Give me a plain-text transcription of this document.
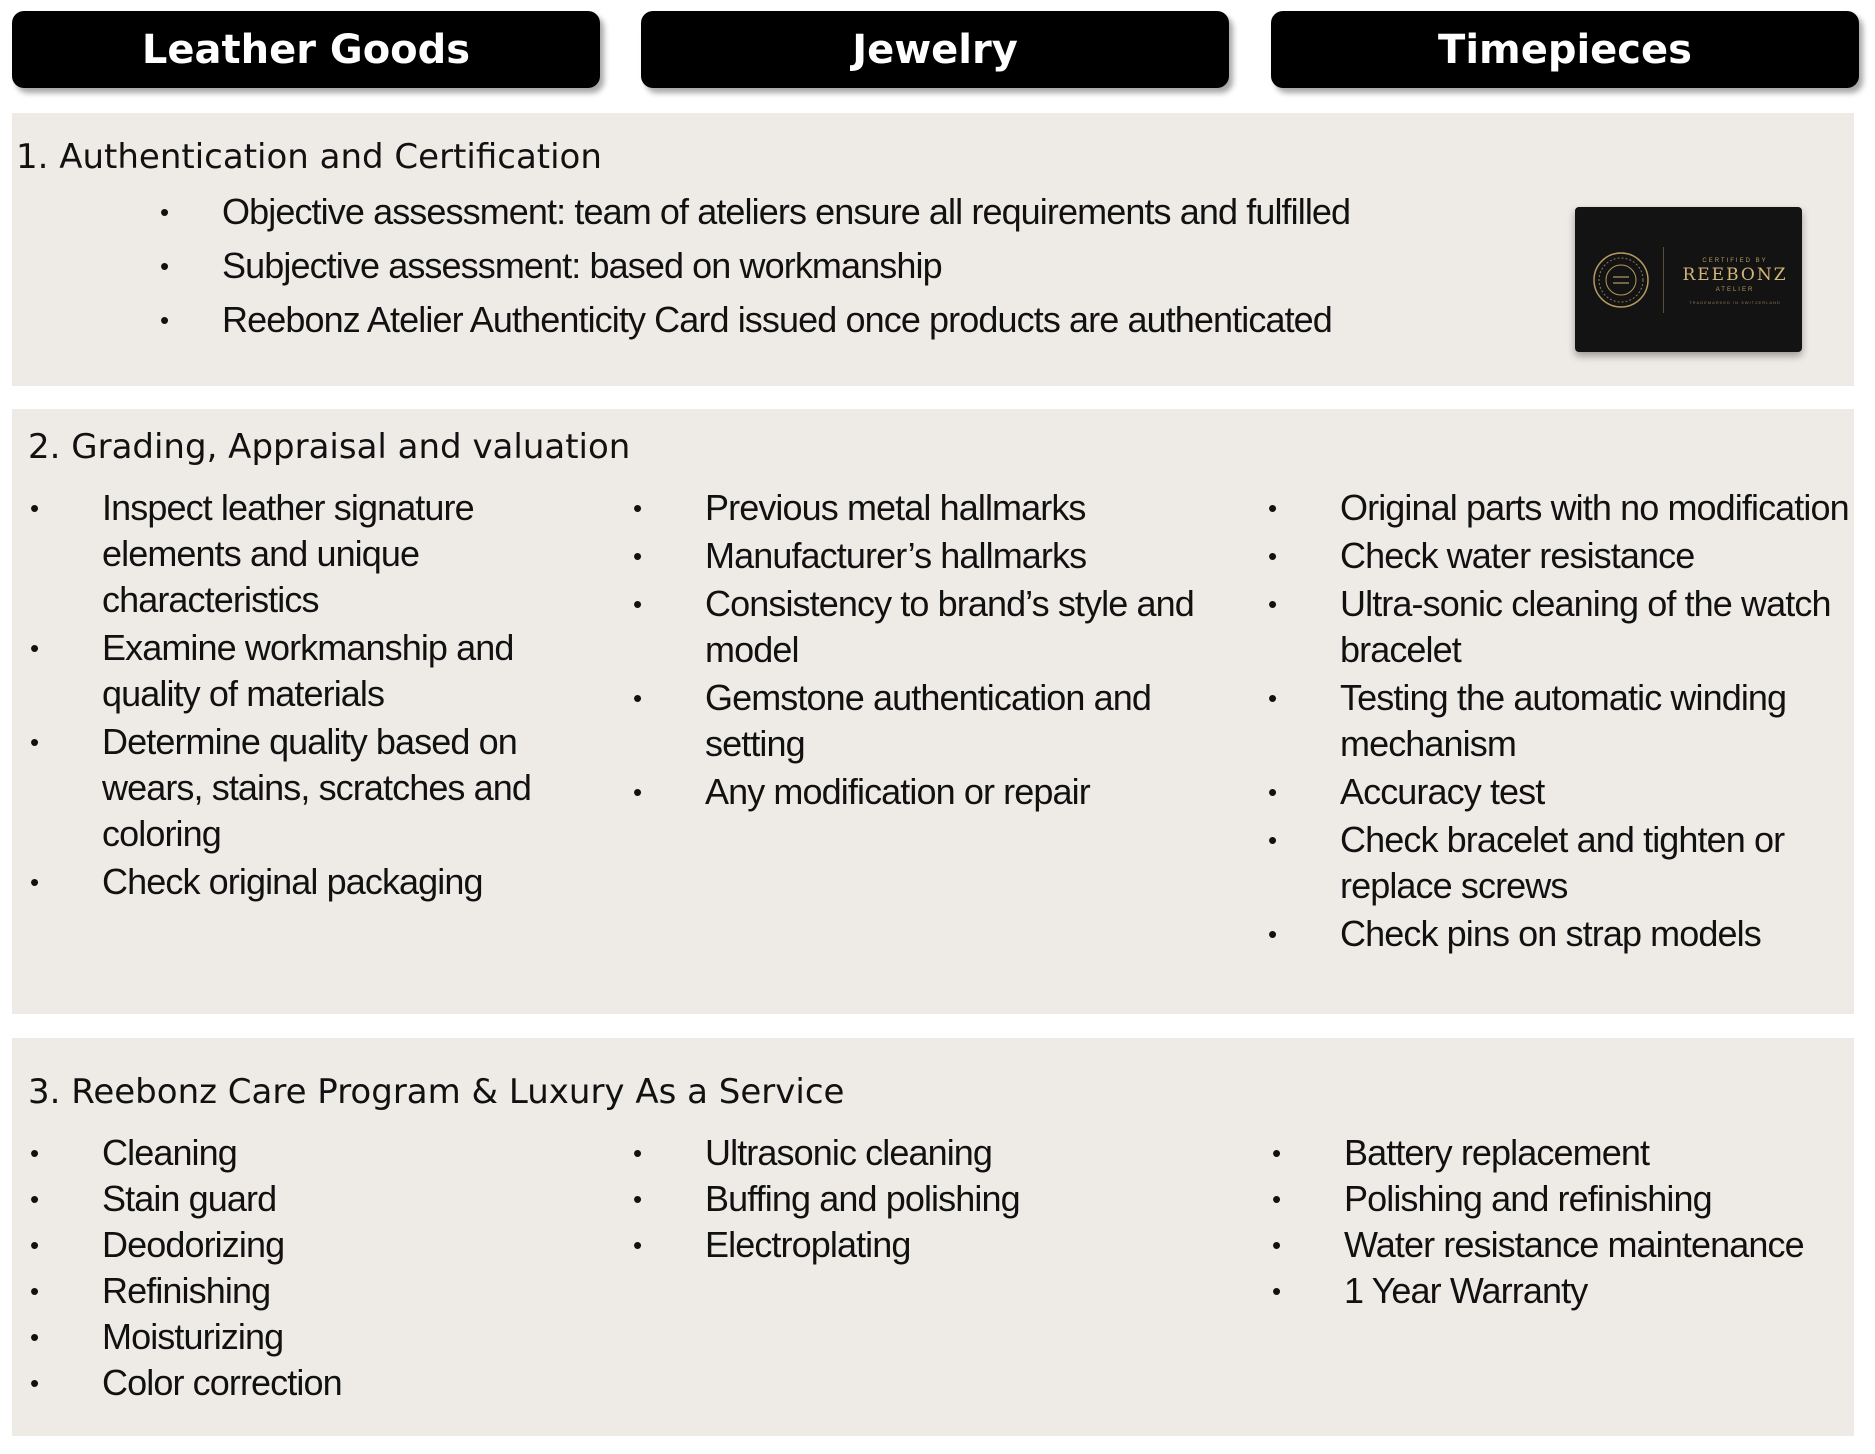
Leather Goods	Jewelry	Timepieces
1. Authentication and Certification
• Objective assessment: team of ateliers ensure all requirements and fulfilled
• Subjective assessment: based on workmanship
• Reebonz Atelier Authenticity Card issued once products are authenticated
CERTIFIED BY
REEBONZ
ATELIER
TRADEMARKED IN SWITZERLAND
2. Grading, Appraisal and valuation
• Inspect leather signature elements and unique characteristics
• Examine workmanship and quality of materials
• Determine quality based on wears, stains, scratches and coloring
• Check original packaging
• Previous metal hallmarks
• Manufacturer’s hallmarks
• Consistency to brand’s style and model
• Gemstone authentication and setting
• Any modification or repair
• Original parts with no modification
• Check water resistance
• Ultra-sonic cleaning of the watch bracelet
• Testing the automatic winding mechanism
• Accuracy test
• Check bracelet and tighten or replace screws
• Check pins on strap models
3. Reebonz Care Program & Luxury As a Service
• Cleaning
• Stain guard
• Deodorizing
• Refinishing
• Moisturizing
• Color correction
• Ultrasonic cleaning
• Buffing and polishing
• Electroplating
• Battery replacement
• Polishing and refinishing
• Water resistance maintenance
• 1 Year Warranty
